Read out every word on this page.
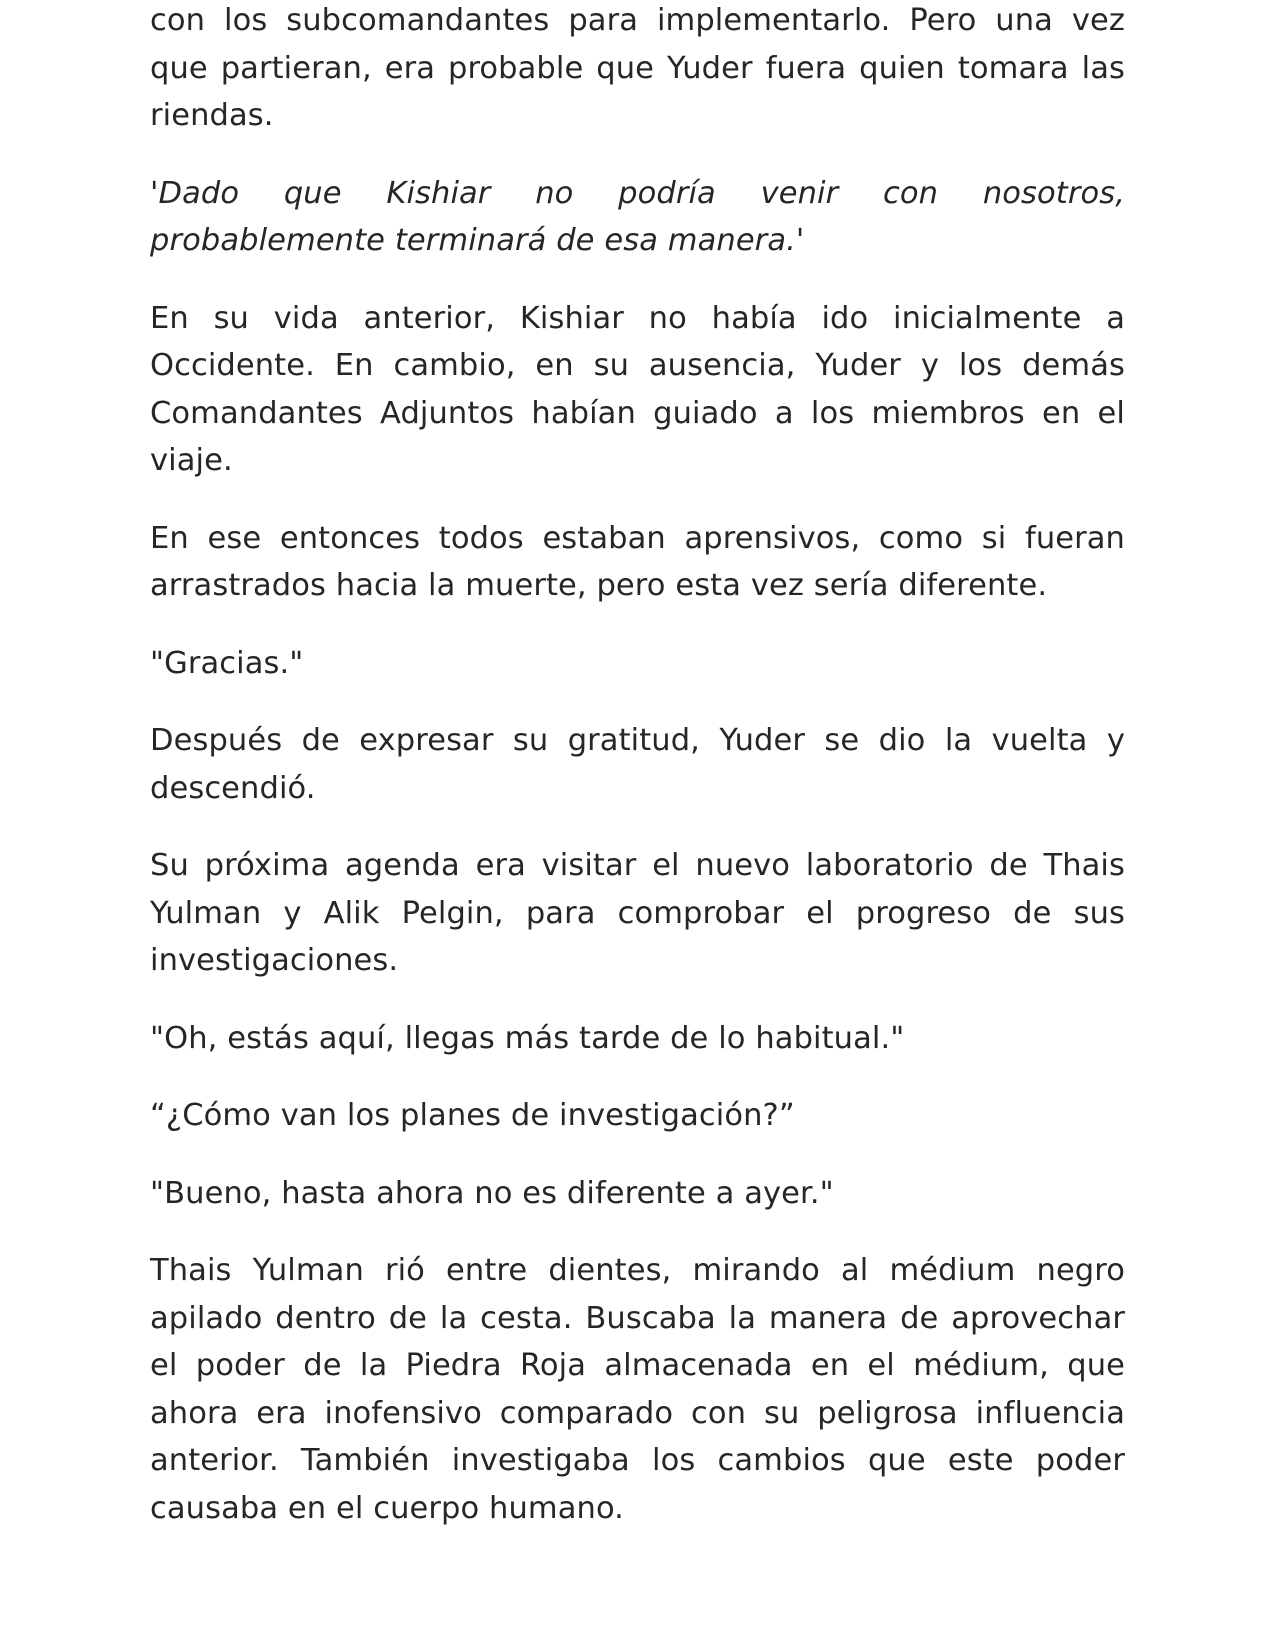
con los subcomandantes para implementarlo. Pero una vez que partieran, era probable que Yuder fuera quien tomara las riendas.

'Dado que Kishiar no podría venir con nosotros, probablemente terminará de esa manera.'

En su vida anterior, Kishiar no había ido inicialmente a Occidente. En cambio, en su ausencia, Yuder y los demás Comandantes Adjuntos habían guiado a los miembros en el viaje.

En ese entonces todos estaban aprensivos, como si fueran arrastrados hacia la muerte, pero esta vez sería diferente.

"Gracias."

Después de expresar su gratitud, Yuder se dio la vuelta y descendió.

Su próxima agenda era visitar el nuevo laboratorio de Thais Yulman y Alik Pelgin, para comprobar el progreso de sus investigaciones.

"Oh, estás aquí, llegas más tarde de lo habitual."

“¿Cómo van los planes de investigación?”

"Bueno, hasta ahora no es diferente a ayer."

Thais Yulman rió entre dientes, mirando al médium negro apilado dentro de la cesta. Buscaba la manera de aprovechar el poder de la Piedra Roja almacenada en el médium, que ahora era inofensivo comparado con su peligrosa influencia anterior. También investigaba los cambios que este poder causaba en el cuerpo humano.
